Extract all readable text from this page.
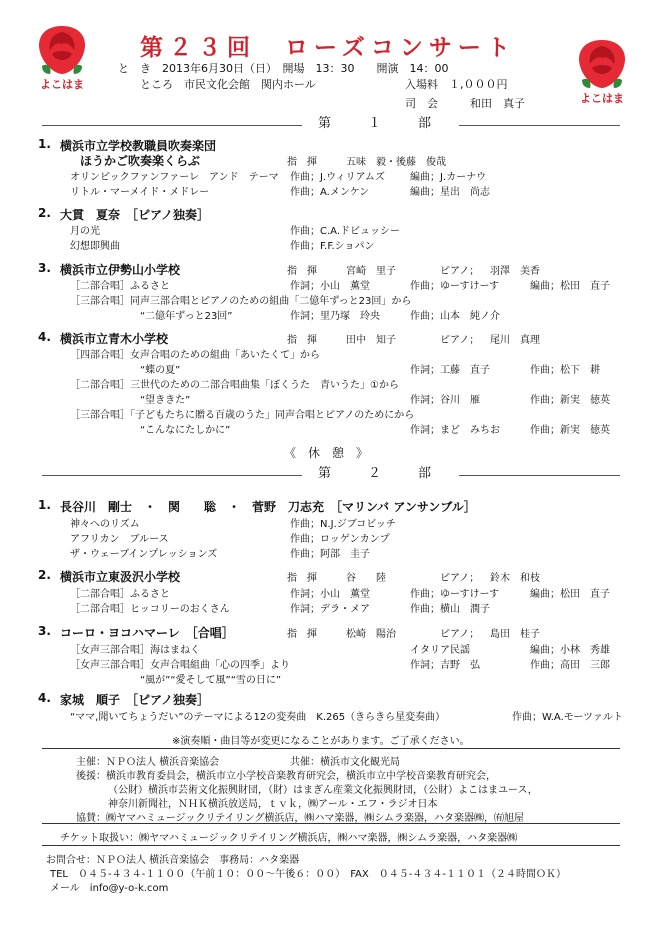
よこはま
よこはま
第２３回　ローズコンサート
と　き　2013年6月30日（日）　開場　13：30　　開演　14：00
ところ　市民文化会館　関内ホール	入場料　１,０００円
司　会	和田　真子
第　１　部
1. 横浜市立学校教職員吹奏楽団
ほうかご吹奏楽くらぶ	指　揮	五味　毅・後藤　俊哉
オリンピックファンファーレ　アンド　テーマ 作曲；J.ウィリアムズ	編曲；J.カーナウ
リトル・マーメイド・メドレー	作曲；A.メンケン	編曲；星出　尚志
2. 大貫　夏奈　［ピアノ独奏］
月の光	作曲；C.A.ドビュッシー
幻想即興曲	作曲；F.F.ショパン
3. 横浜市立伊勢山小学校	指　揮	宮崎　里子	ピアノ； 羽澤　美香
［二部合唱］ふるさと	作詞；小山　薫堂	作曲；ゆーすけーす	編曲；松田　直子
［三部合唱］同声三部合唱とピアノのための組曲「二億年ずっと23回」から
“二億年ずっと23回”	作詞；里乃塚　玲央	作曲；山本　純ノ介
4. 横浜市立青木小学校	指　揮	田中　知子	ピアノ； 尾川　真理
［四部合唱］女声合唱のための組曲「あいたくて」から
“蝶の夏”	作詞；工藤　直子	作曲；松下　耕
［二部合唱］三世代のための二部合唱曲集「ぼくうた　青いうた」①から
“望ききた”	作詞；谷川　雁	作曲；新実　徳英
［三部合唱］「子どもたちに贈る百歳のうた」同声合唱とピアノのためにから
“こんなにたしかに”	作詞；まど　みちお	作曲；新実　徳英
《　休　憩　》
第　２　部
1. 長谷川　剛士　・　関　　聡　・　菅野　刀志充　［マリンバ アンサンブル］
神々へのリズム	作曲；N.J.ジブコビッチ
アフリカン　ブルース	作曲；ロッゲンカンプ
ザ・ウェーブインプレッションズ	作曲；阿部　圭子
2. 横浜市立東汲沢小学校	指　揮	谷　　陸	ピアノ； 鈴木　和枝
［二部合唱］ふるさと	作詞；小山　薫堂	作曲；ゆーすけーす	編曲；松田　直子
［二部合唱］ヒッコリーのおくさん	作詞；デラ・メア	作曲；横山　潤子
3. コーロ・ヨコハマーレ　［合唱］	指　揮	松崎　陽治	ピアノ； 島田　桂子
［女声三部合唱］海はまねく	イタリア民謡	編曲；小林　秀雄
［女声三部合唱］女声合唱組曲「心の四季」より	作詞；吉野　弘	作曲；高田　三郎
“風が”“愛そして風”“雪の日に”
4. 家城　順子　［ピアノ独奏］
“ママ,聞いてちょうだい”のテーマによる12の変奏曲　K.265（きらきら星変奏曲）	作曲；W.A.モーツァルト
※演奏順・曲目等が変更になることがあります。ご了承ください。
主催：ＮＰＯ法人 横浜音楽協会	共催：横浜市文化観光局
後援：横浜市教育委員会，横浜市立小学校音楽教育研究会，横浜市立中学校音楽教育研究会，
（公財）横浜市芸術文化振興財団，（財）はまぎん産業文化振興財団，（公財）よこはまユース，
神奈川新聞社，ＮＨＫ横浜放送局，ｔｖｋ，㈱アール・エフ・ラジオ日本
協賛：㈱ヤマハミュージックリテイリング横浜店，㈱ハマ楽器，㈱シムラ楽器，ハタ楽器㈱，㈲旭屋
チケット取扱い：㈱ヤマハミュージックリテイリング横浜店，㈱ハマ楽器，㈱シムラ楽器，ハタ楽器㈱
お問合せ：ＮＰＯ法人 横浜音楽協会　事務局：ハタ楽器
TEL　０４５-４３４-１１００（午前１０：００～午後６：００）　FAX　０４５-４３４-１１０１（２４時間ＯＫ）
メール　info@y-o-k.com
